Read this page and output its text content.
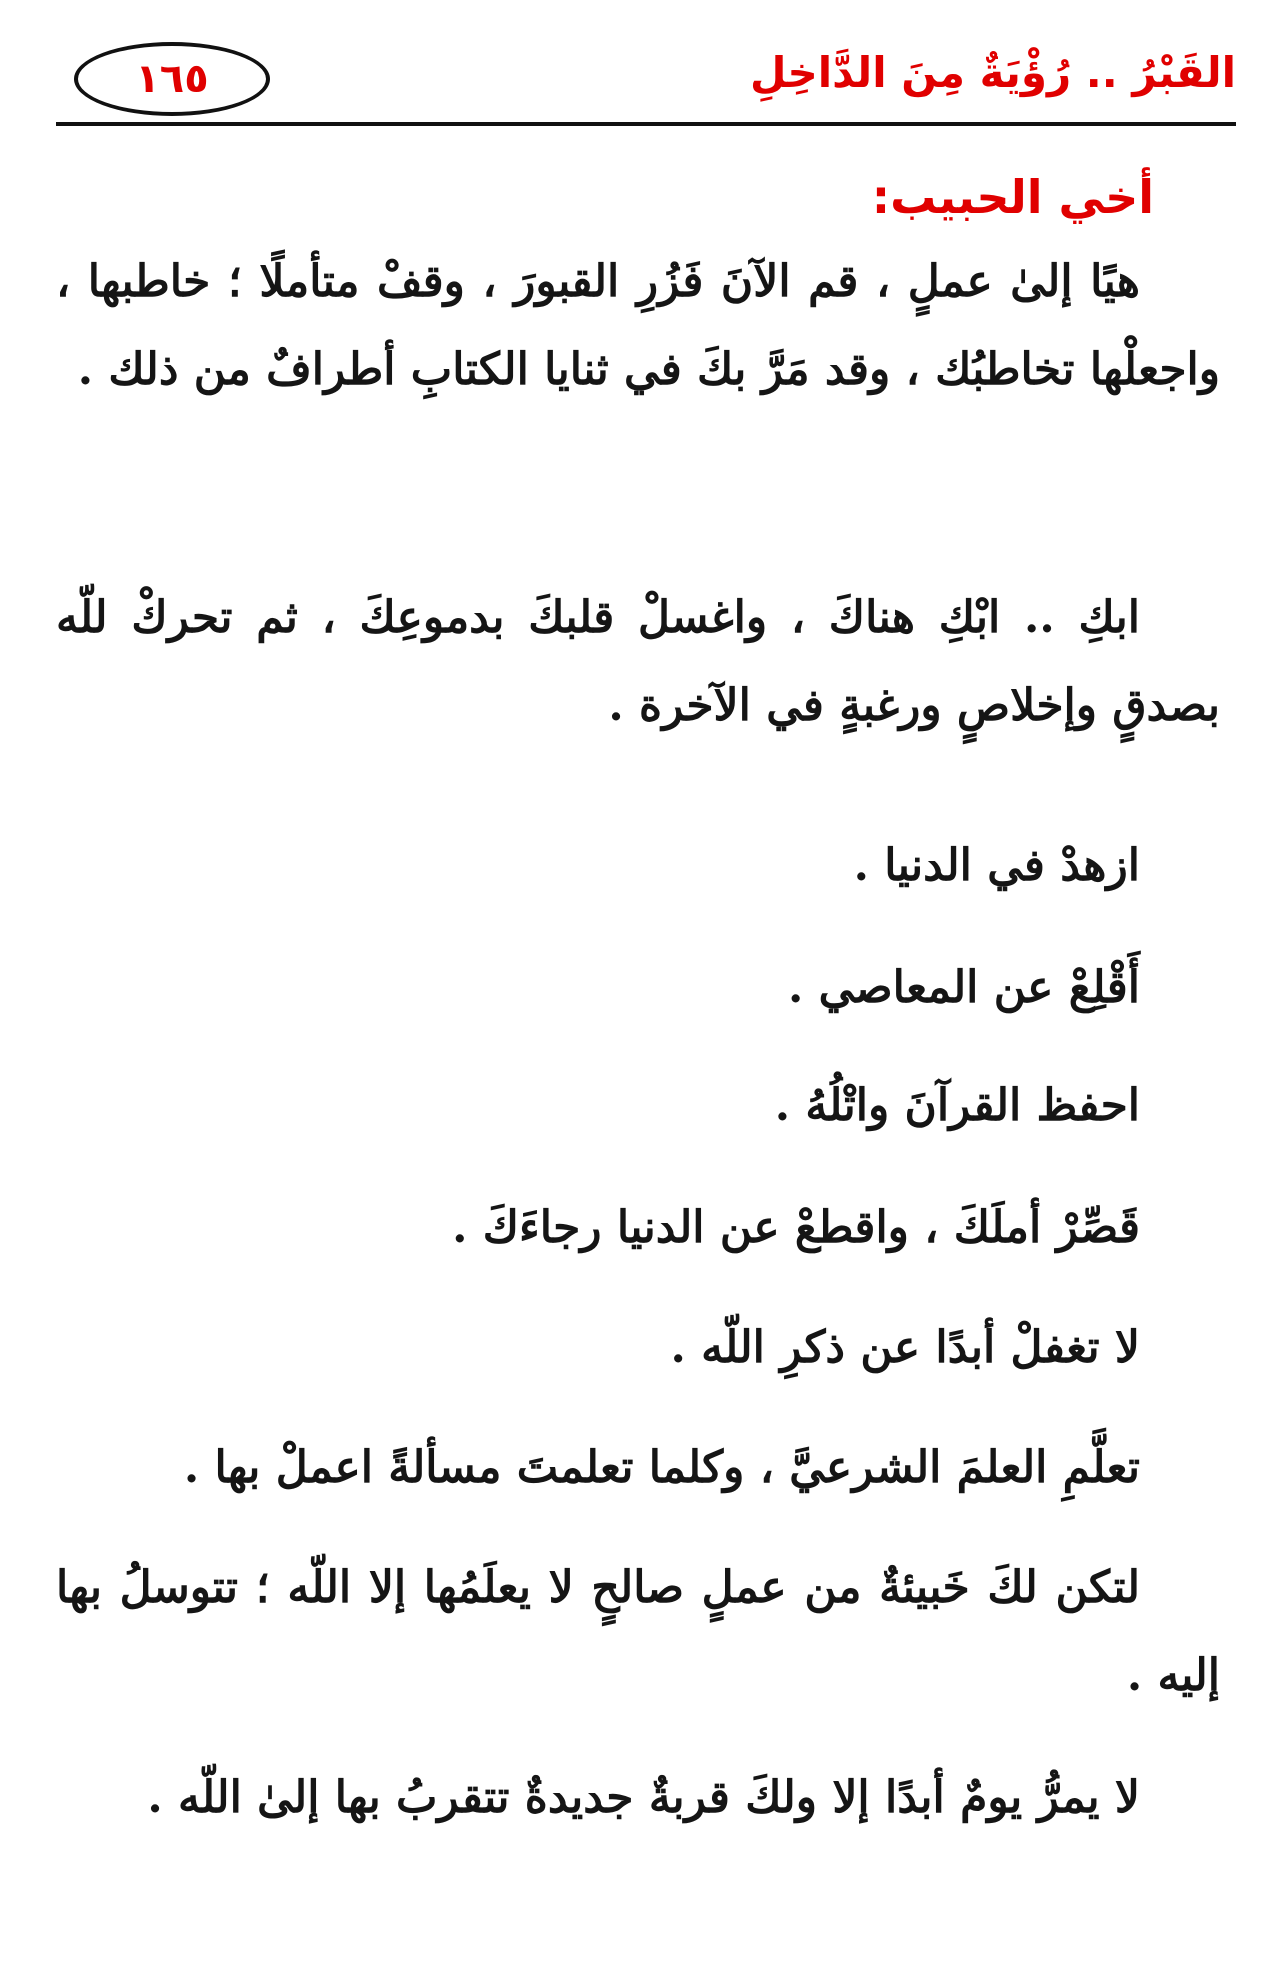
١٦٥	القَبْرُ .. رُؤْيَةٌ مِنَ الدَّاخِلِ
أخي الحبيب:

هيًا إلىٰ عملٍ ، قم الآنَ فَزُرِ القبورَ ، وقفْ متأملًا ؛ خاطبها ، واجعلْها تخاطبُك ، وقد مَرَّ بكَ في ثنايا الكتابِ أطرافٌ من ذلك .

ابكِ .. ابْكِ هناكَ ، واغسلْ قلبكَ بدموعِكَ ، ثم تحركْ للّه بصدقٍ وإخلاصٍ ورغبةٍ في الآخرة .

ازهدْ في الدنيا .

أَقْلِعْ عن المعاصي .

احفظ القرآنَ واتْلُهُ .

قَصِّرْ أملَكَ ، واقطعْ عن الدنيا رجاءَكَ .

لا تغفلْ أبدًا عن ذكرِ اللّه .

تعلَّمِ العلمَ الشرعيَّ ، وكلما تعلمتَ مسألةً اعملْ بها .

لتكن لكَ خَبيئةٌ من عملٍ صالحٍ لا يعلَمُها إلا اللّه ؛ تتوسلُ بها إليه .

لا يمرُّ يومٌ أبدًا إلا ولكَ قربةٌ جديدةٌ تتقربُ بها إلىٰ اللّه .
